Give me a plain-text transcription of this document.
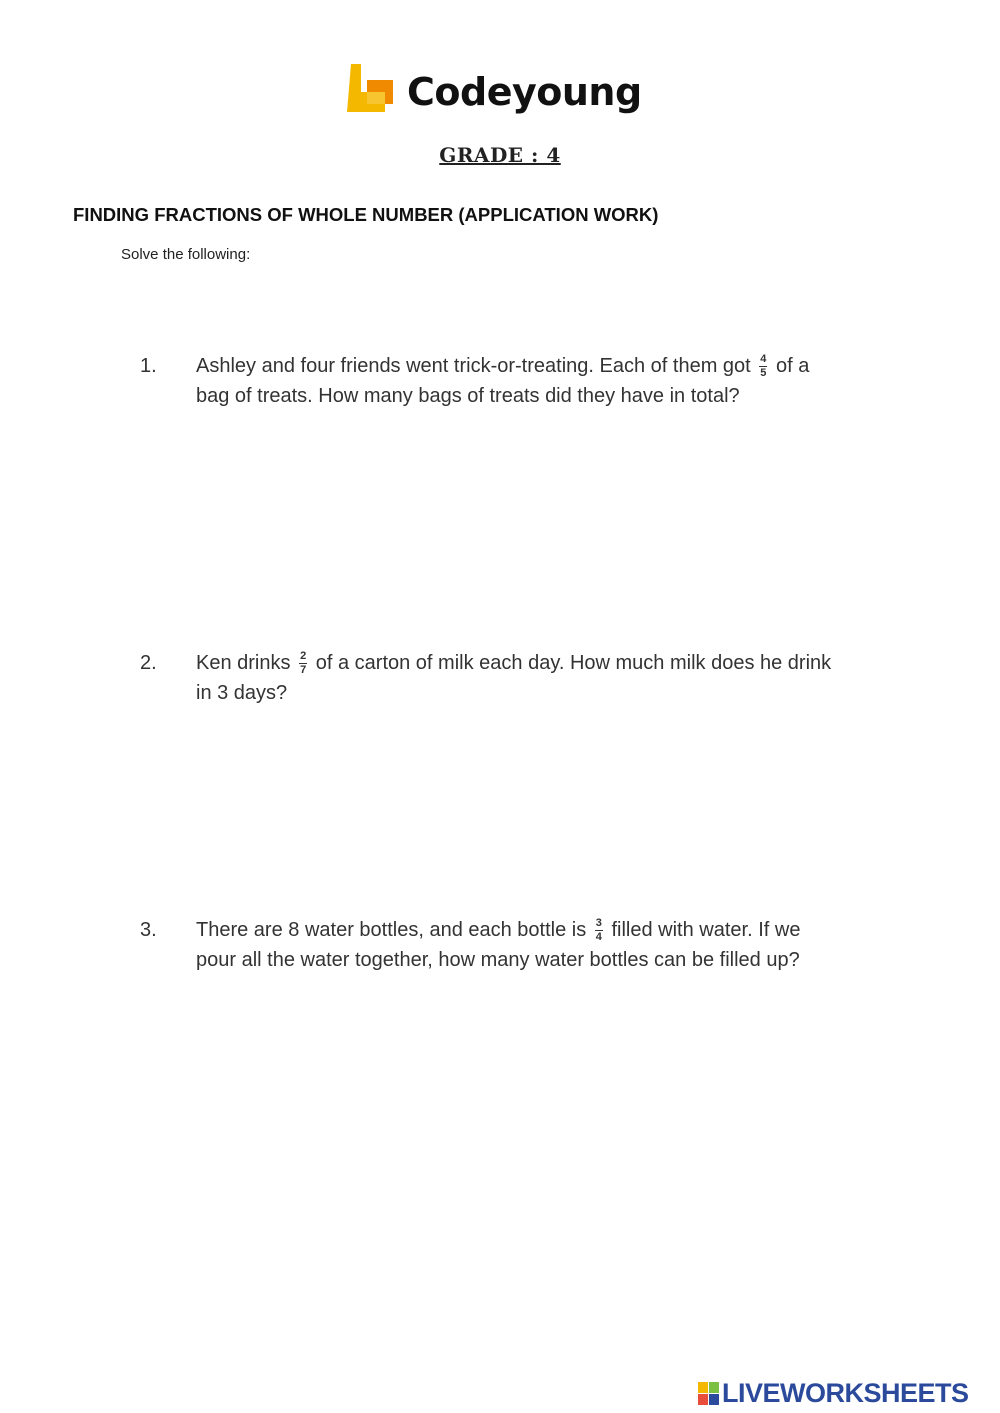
Codeyoung
GRADE : 4
FINDING FRACTIONS OF WHOLE NUMBER (APPLICATION WORK)
Solve the following:
1. Ashley and four friends went trick-or-treating. Each of them got $\frac{4}{5}$ of a bag of treats. How many bags of treats did they have in total?
2. Ken drinks $\frac{2}{7}$ of a carton of milk each day. How much milk does he drink in 3 days?
3. There are 8 water bottles, and each bottle is $\frac{3}{4}$ filled with water. If we pour all the water together, how many water bottles can be filled up?
LIVEWORKSHEETS
